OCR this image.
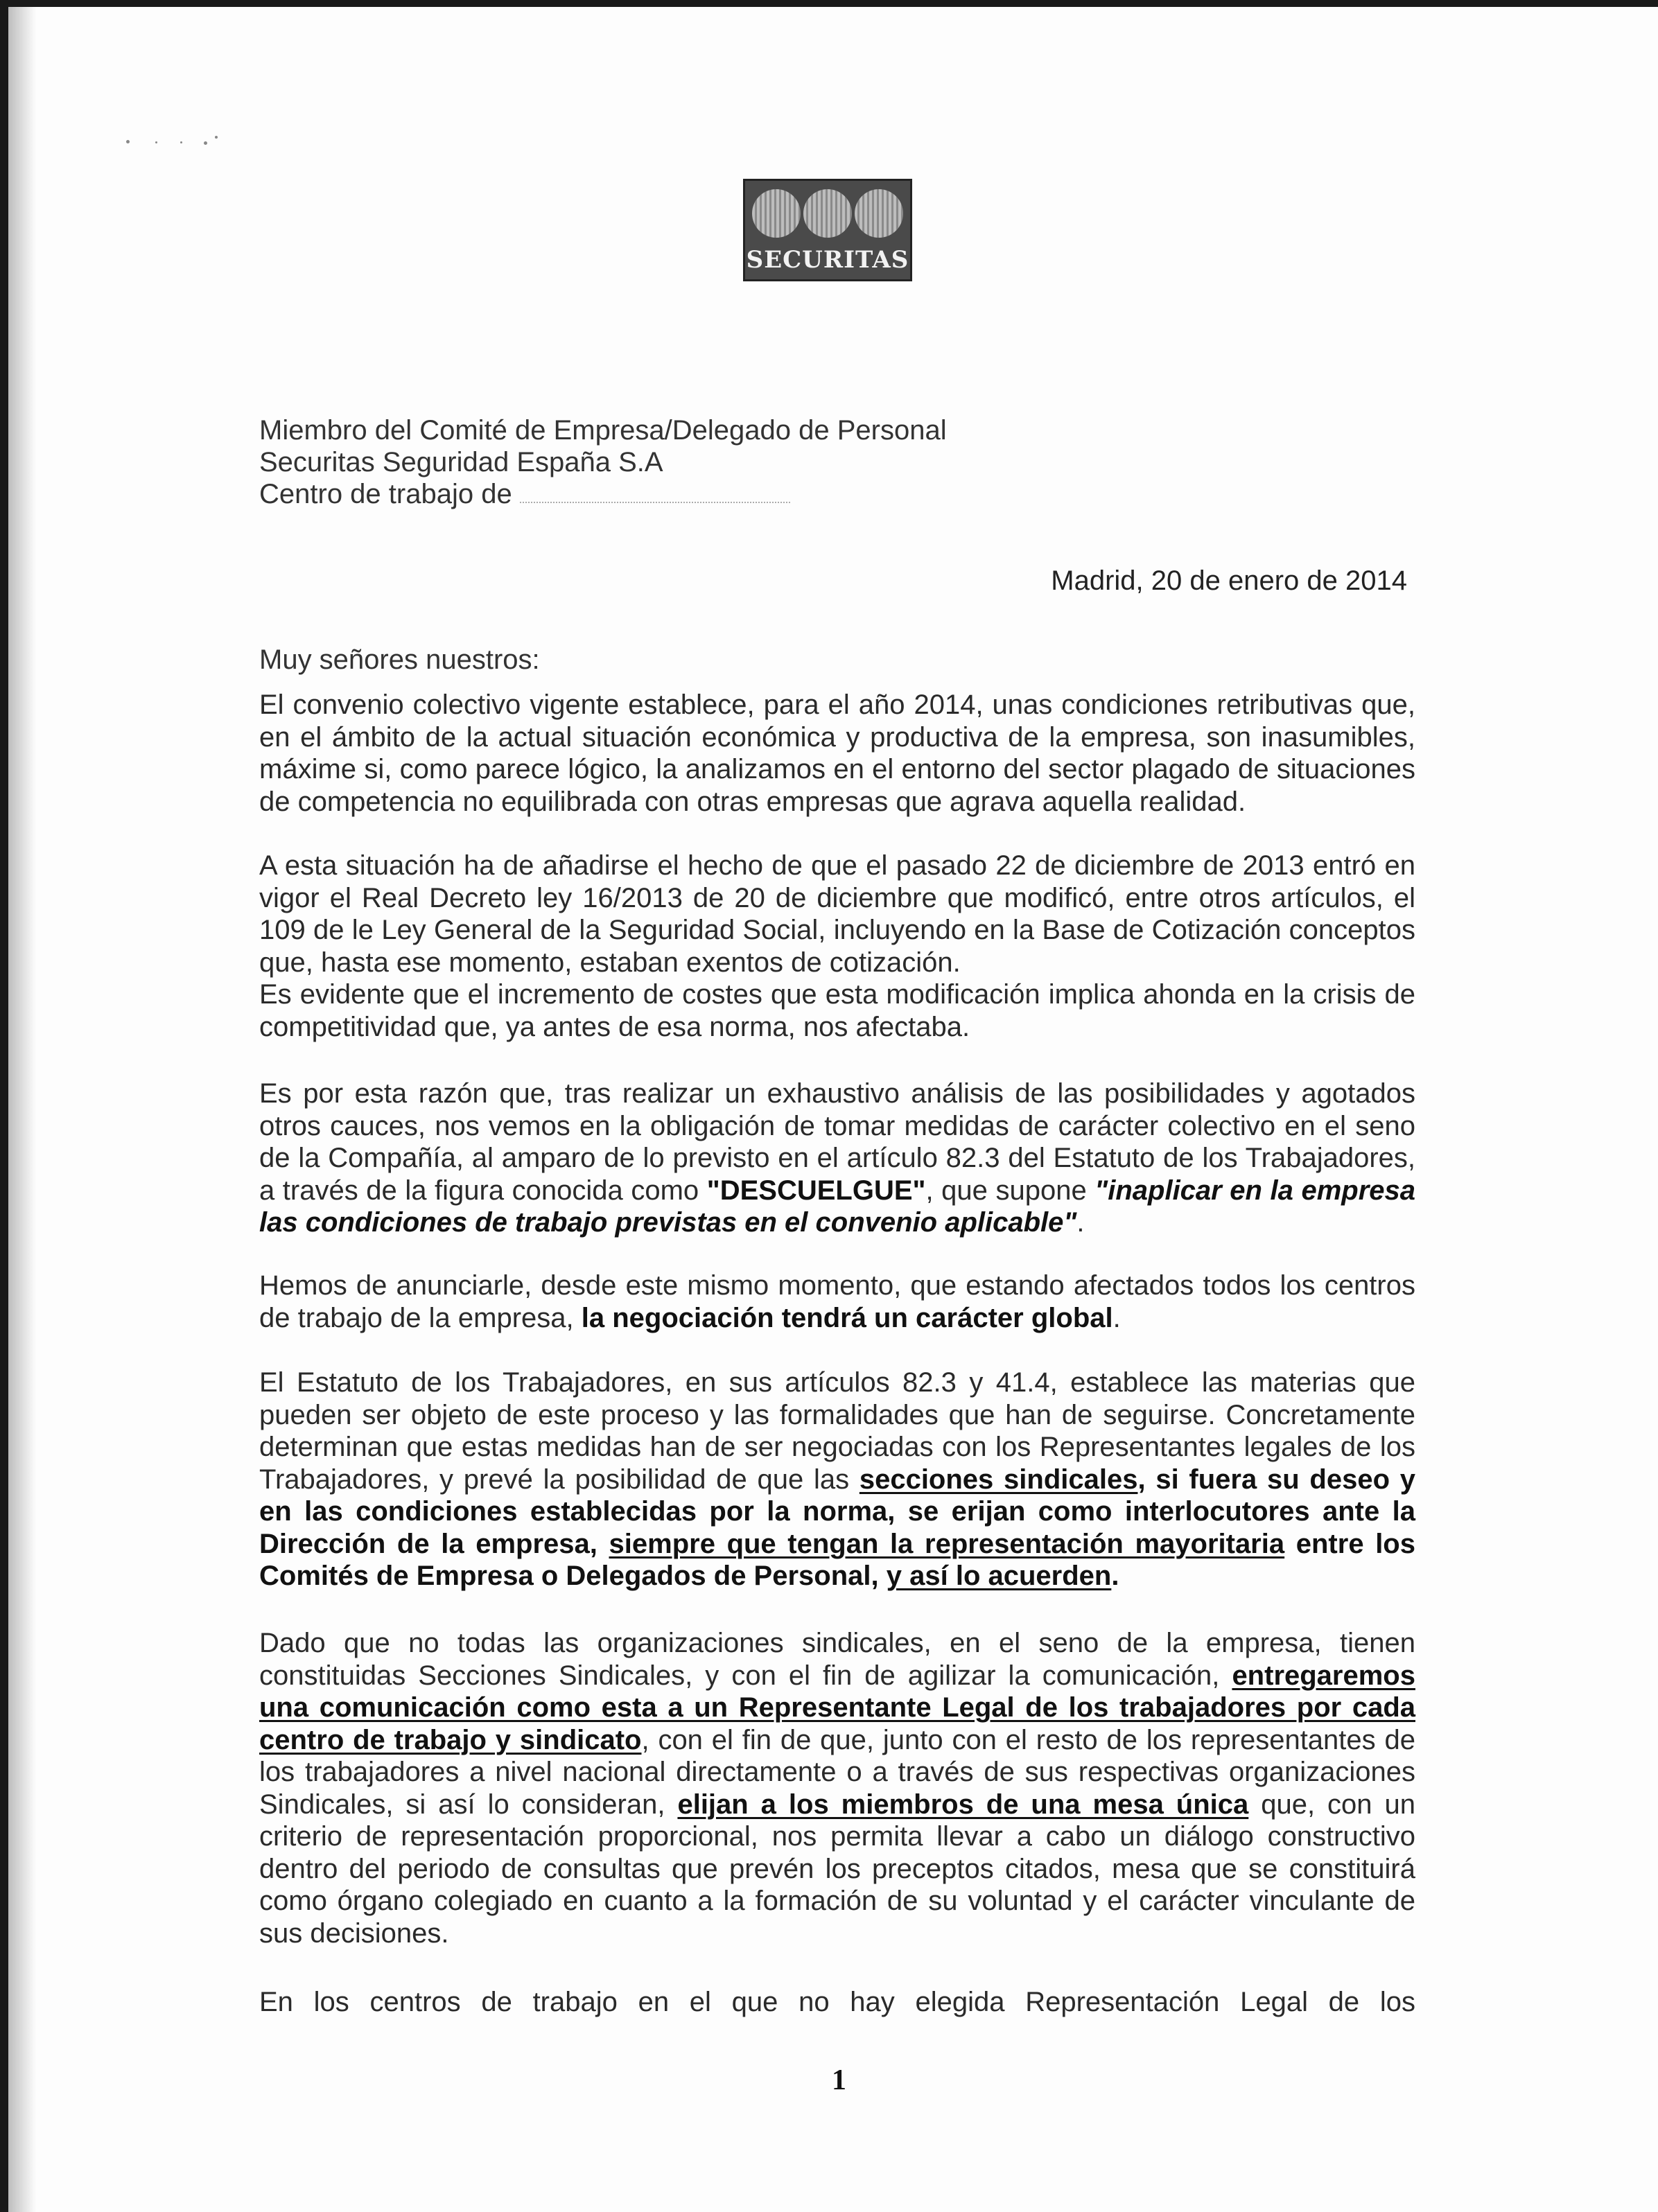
SECURITAS
Miembro del Comité de Empresa/Delegado de Personal
Securitas Seguridad España S.A
Centro de trabajo de
Madrid, 20 de enero de 2014
Muy señores nuestros:

El convenio colectivo vigente establece, para el año 2014, unas condiciones retributivas que, en el ámbito de la actual situación económica y productiva de la empresa, son inasumibles, máxime si, como parece lógico, la analizamos en el entorno del sector plagado de situaciones de competencia no equilibrada con otras empresas que agrava aquella realidad.

A esta situación ha de añadirse el hecho de que el pasado 22 de diciembre de 2013 entró en vigor el Real Decreto ley 16/2013 de 20 de diciembre que modificó, entre otros artículos, el 109 de le Ley General de la Seguridad Social, incluyendo en la Base de Cotización conceptos que, hasta ese momento, estaban exentos de cotización.
Es evidente que el incremento de costes que esta modificación implica ahonda en la crisis de competitividad que, ya antes de esa norma, nos afectaba.
Es por esta razón que, tras realizar un exhaustivo análisis de las posibilidades y agotados otros cauces, nos vemos en la obligación de tomar medidas de carácter colectivo en el seno de la Compañía, al amparo de lo previsto en el artículo 82.3 del Estatuto de los Trabajadores, a través de la figura conocida como "DESCUELGUE", que supone "inaplicar en la empresa las condiciones de trabajo previstas en el convenio aplicable".
Hemos de anunciarle, desde este mismo momento, que estando afectados todos los centros de trabajo de la empresa, la negociación tendrá un carácter global.
El Estatuto de los Trabajadores, en sus artículos 82.3 y 41.4, establece las materias que pueden ser objeto de este proceso y las formalidades que han de seguirse. Concretamente determinan que estas medidas han de ser negociadas con los Representantes legales de los Trabajadores, y prevé la posibilidad de que las secciones sindicales, si fuera su deseo y en las condiciones establecidas por la norma, se erijan como interlocutores ante la Dirección de la empresa, siempre que tengan la representación mayoritaria entre los Comités de Empresa o Delegados de Personal, y así lo acuerden.
Dado que no todas las organizaciones sindicales, en el seno de la empresa, tienen constituidas Secciones Sindicales, y con el fin de agilizar la comunicación, entregaremos una comunicación como esta a un Representante Legal de los trabajadores por cada centro de trabajo y sindicato, con el fin de que, junto con el resto de los representantes de los trabajadores a nivel nacional directamente o a través de sus respectivas organizaciones Sindicales, si así lo consideran, elijan a los miembros de una mesa única que, con un criterio de representación proporcional, nos permita llevar a cabo un diálogo constructivo dentro del periodo de consultas que prevén los preceptos citados, mesa que se constituirá como órgano colegiado en cuanto a la formación de su voluntad y el carácter vinculante de sus decisiones.
En los centros de trabajo en el que no hay elegida Representación Legal de los
1
